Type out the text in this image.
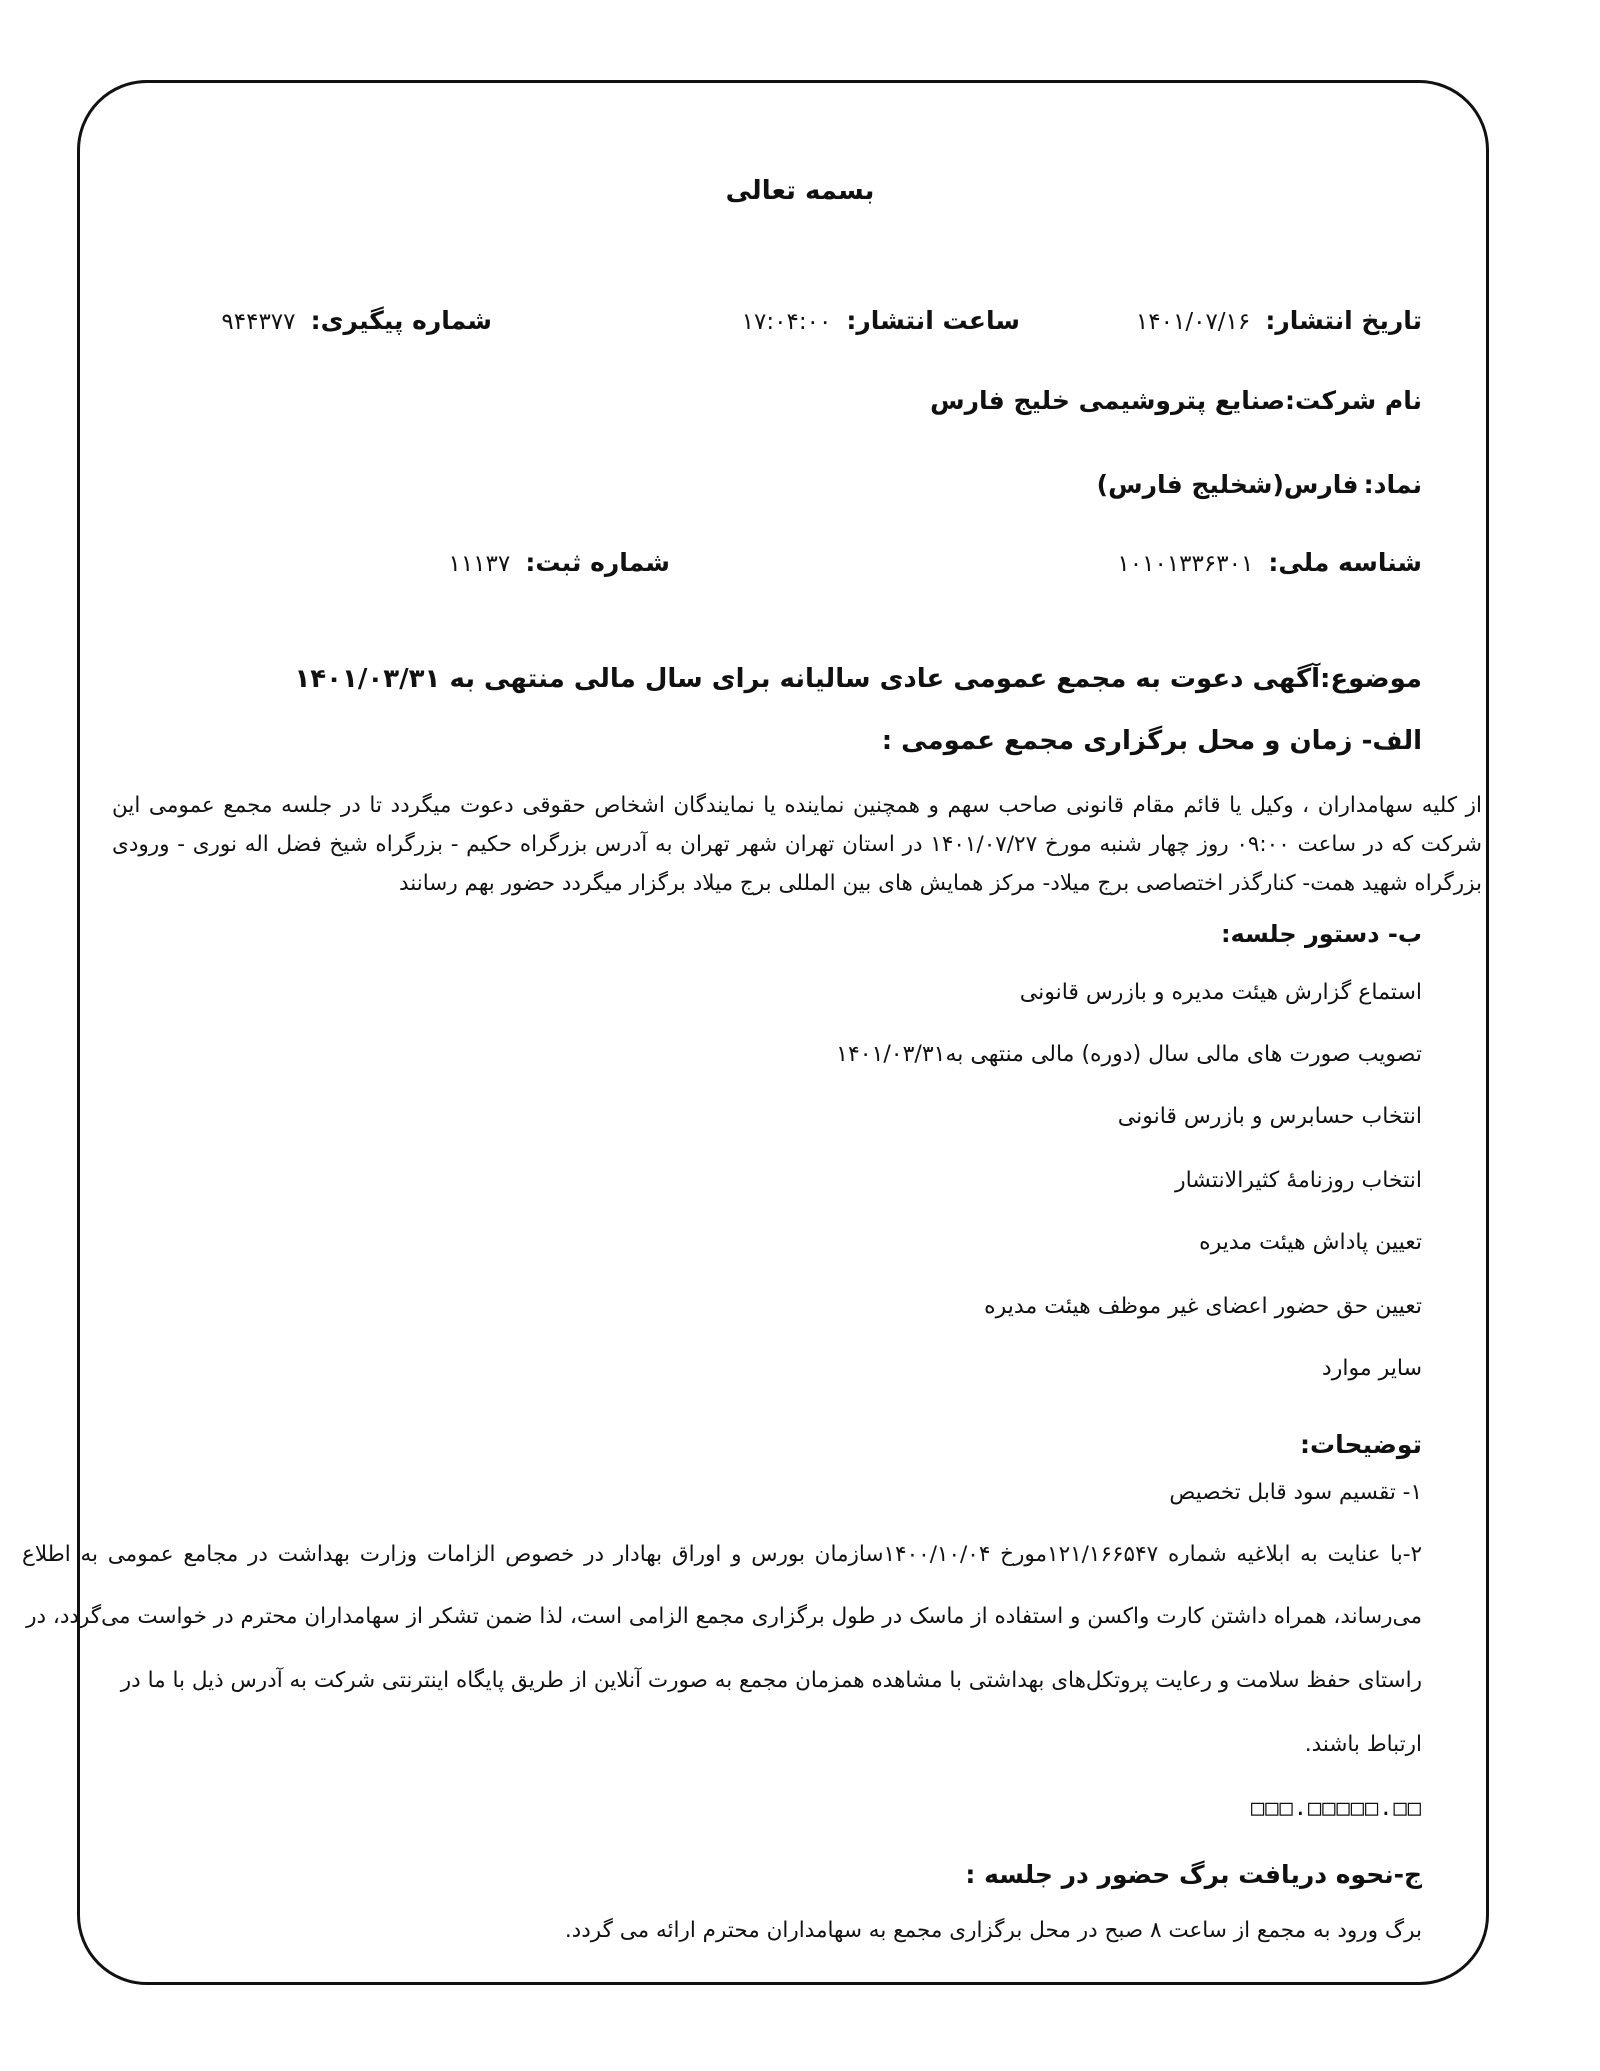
بسمه تعالی
تاریخ انتشار: ۱۴۰۱/۰۷/۱۶
ساعت انتشار: ۱۷:۰۴:۰۰
شماره پیگیری: ۹۴۴۳۷۷
نام شرکت:صنایع پتروشیمی خلیج فارس
نماد: فارس(شخلیج فارس)
شناسه ملی: ۱۰۱۰۱۳۳۶۳۰۱
شماره ثبت: ۱۱۱۳۷
موضوع:آگهی دعوت به مجمع عمومی عادی سالیانه برای سال مالی منتهی به ۱۴۰۱/۰۳/۳۱
الف- زمان و محل برگزاری مجمع عمومی :
از کلیه سهامداران ، وکیل یا قائم مقام قانونی صاحب سهم و همچنین نماینده یا نمایندگان اشخاص حقوقی دعوت میگردد تا در جلسه مجمع عمومی این شرکت که در ساعت ۰۹:۰۰ روز چهار شنبه مورخ ۱۴۰۱/۰۷/۲۷ در استان تهران شهر تهران به آدرس بزرگراه حکیم - بزرگراه شیخ فضل اله نوری - ورودی بزرگراه شهید همت- کنارگذر اختصاصی برج میلاد- مرکز همایش های بین المللی برج میلاد برگزار میگردد حضور بهم رسانند
ب- دستور جلسه:
استماع گزارش هیئت مدیره و بازرس قانونی
تصویب صورت های مالی سال (دوره) مالی منتهی به۱۴۰۱/۰۳/۳۱
انتخاب حسابرس و بازرس قانونی
انتخاب روزنامۀ کثیرالانتشار
تعیین پاداش هیئت مدیره
تعیین حق حضور اعضای غیر موظف هیئت مدیره
سایر موارد
توضیحات:
۱- تقسیم سود قابل تخصیص
۲-با عنایت به ابلاغیه شماره ۱۲۱/۱۶۶۵۴۷مورخ ۱۴۰۰/۱۰/۰۴سازمان بورس و اوراق بهادار در خصوص الزامات وزارت بهداشت در مجامع عمومی به اطلاع
می‌رساند، همراه داشتن کارت واکسن و استفاده از ماسک در طول برگزاری مجمع الزامی است، لذا ضمن تشکر از سهامداران محترم در خواست می‌گردد، در
راستای حفظ سلامت و رعایت پروتکل‌های بهداشتی با مشاهده همزمان مجمع به صورت آنلاین از طریق پایگاه اینترنتی شرکت به آدرس ذیل با ما در
ارتباط باشند.
□□□.□□□□□.□□
ج-نحوه دریافت برگ حضور در جلسه :
برگ ورود به مجمع از ساعت ۸ صبح در محل برگزاری مجمع به سهامداران محترم ارائه می گردد.
